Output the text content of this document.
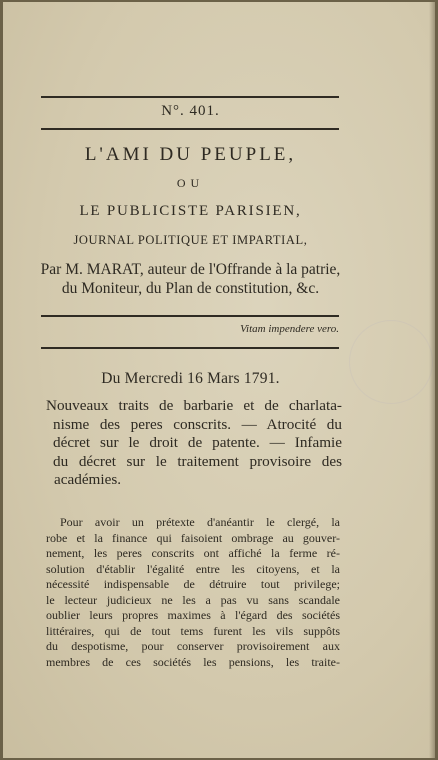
N°. 401.
L'AMI DU PEUPLE,
OU
LE PUBLICISTE PARISIEN,
JOURNAL POLITIQUE ET IMPARTIAL,
Par M. MARAT, auteur de l'Offrande à la patrie,
du Moniteur, du Plan de constitution, &c.
Vitam impendere vero.
Du Mercredi 16 Mars 1791.
Nouveaux traits de barbarie et de charlata-
nisme des peres conscrits. — Atrocité du
décret sur le droit de patente. — Infamie
du décret sur le traitement provisoire des
académies.
Pour avoir un prétexte d'anéantir le clergé, la
robe et la finance qui faisoient ombrage au gouver-
nement, les peres conscrits ont affiché la ferme ré-
solution d'établir l'égalité entre les citoyens, et la
nécessité indispensable de détruire tout privilege;
le lecteur judicieux ne les a pas vu sans scandale
oublier leurs propres maximes à l'égard des sociétés
littéraires, qui de tout tems furent les vils suppôts
du despotisme, pour conserver provisoirement aux
membres de ces sociétés les pensions, les traite-
